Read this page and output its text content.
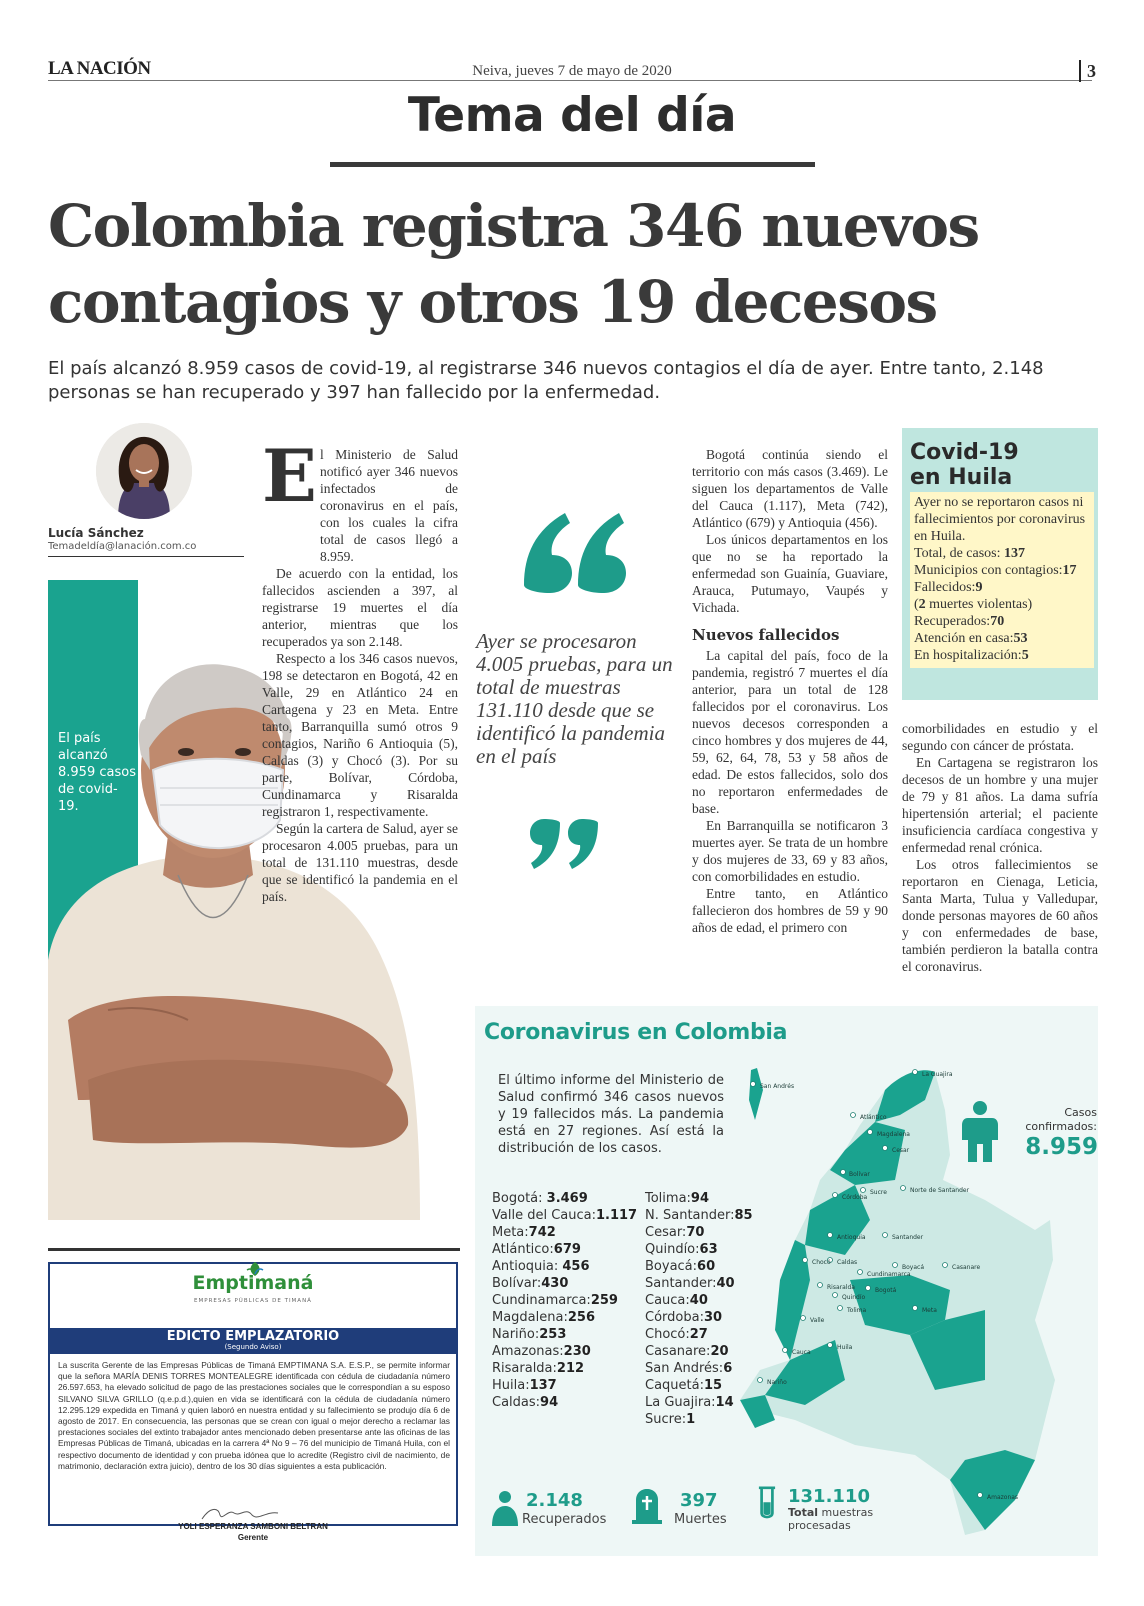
LA NACIÓN	Neiva, jueves 7 de mayo de 2020	3
Tema del día
Colombia registra 346 nuevos contagios y otros 19 decesos
El país alcanzó 8.959 casos de covid-19, al registrarse 346 nuevos contagios el día de ayer. Entre tanto, 2.148 personas se han recuperado y 397 han fallecido por la enfermedad.
Lucía Sánchez
Temadeldía@lanación.com.co
El país alcanzó 8.959 casos de covid-19.
E l Ministerio de Salud notificó ayer 346 nuevos infectados de coronavirus en el país, con los cuales la cifra total de casos llegó a 8.959.

De acuerdo con la entidad, los fallecidos ascienden a 397, al registrarse 19 muertes el día anterior, mientras que los recuperados ya son 2.148.

Respecto a los 346 casos nuevos, 198 se detectaron en Bogotá, 42 en Valle, 29 en Atlántico 24 en Cartagena y 23 en Meta. Entre tanto, Barranquilla sumó otros 9 contagios, Nariño 6 Antioquia (5), Caldas (3) y Chocó (3). Por su parte, Bolívar, Córdoba, Cundinamarca y Risaralda registraron 1, respectivamente.

Según la cartera de Salud, ayer se procesaron 4.005 pruebas, para un total de 131.110 muestras, desde que se identificó la pandemia en el país.

Ayer se procesaron 4.005 pruebas, para un total de muestras 131.110 desde que se identificó la pandemia en el país

Bogotá continúa siendo el territorio con más casos (3.469). Le siguen los departamentos de Valle del Cauca (1.117), Meta (742), Atlántico (679) y Antioquia (456).

Los únicos departamentos en los que no se ha reportado la enfermedad son Guainía, Guaviare, Arauca, Putumayo, Vaupés y Vichada.

Nuevos fallecidos

La capital del país, foco de la pandemia, registró 7 muertes el día anterior, para un total de 128 fallecidos por el coronavirus. Los nuevos decesos corresponden a cinco hombres y dos mujeres de 44, 59, 62, 64, 78, 53 y 58 años de edad. De estos fallecidos, solo dos no reportaron enfermedades de base.

En Barranquilla se notificaron 3 muertes ayer. Se trata de un hombre y dos mujeres de 33, 69 y 83 años, con comorbilidades en estudio.

Entre tanto, en Atlántico fallecieron dos hombres de 59 y 90 años de edad, el primero con

Covid-19
en Huila
Ayer no se reportaron casos ni fallecimientos por coronavirus en Huila.
Total, de casos: 137
Municipios con contagios:17
Fallecidos:9
(2 muertes violentas)
Recuperados:70
Atención en casa:53
En hospitalización:5

comorbilidades en estudio y el segundo con cáncer de próstata.

En Cartagena se registraron los decesos de un hombre y una mujer de 79 y 81 años. La dama sufría hipertensión arterial; el paciente insuficiencia cardíaca congestiva y enfermedad renal crónica.

Los otros fallecimientos se reportaron en Cienaga, Leticia, Santa Marta, Tulua y Valledupar, donde personas mayores de 60 años y con enfermedades de base, también perdieron la batalla contra el coronavirus.

Coronavirus en Colombia
El último informe del Ministerio de Salud confirmó 346 casos nuevos y 19 fallecidos más. La pandemia está en 27 regiones. Así está la distribución de los casos.
La Guajira
Atlántico
Magdalena
Cesar
San Andrés
Bolívar
Sucre	Norte de Santander
Córdoba
Antioquia	Santander
Boyacá	Casanare
Chocó Caldas
Cundinamarca
Risaralda
Quindío
Bogotá
Tolima
Valle
Meta
Huila
Cauca
Nariño
Amazonas
Casos confirmados:
8.959
Bogotá: 3.469
Valle del Cauca:1.117
Meta:742
Atlántico:679
Antioquia: 456
Bolívar:430
Cundinamarca:259
Magdalena:256
Nariño:253
Amazonas:230
Risaralda:212
Huila:137
Caldas:94
Tolima:94
N. Santander:85
Cesar:70
Quindío:63
Boyacá:60
Santander:40
Cauca:40
Córdoba:30
Chocó:27
Casanare:20
San Andrés:6
Caquetá:15
La Guajira:14
Sucre:1
2.148
Recuperados
397
Muertes
131.110
Total muestras procesadas
Emptimaná
EMPRESAS PÚBLICAS DE TIMANÁ
EDICTO EMPLAZATORIO
(Segundo Aviso)
La suscrita Gerente de las Empresas Públicas de Timaná EMPTIMANA S.A. E.S.P., se permite informar que la señora MARÍA DENIS TORRES MONTEALEGRE identificada con cédula de ciudadanía número 26.597.653, ha elevado solicitud de pago de las prestaciones sociales que le correspondían a su esposo SILVANO SILVA GRILLO (q.e.p.d.),quien en vida se identificará con la cédula de ciudadanía número 12.295.129 expedida en Timaná y quien laboró en nuestra entidad y su fallecimiento se produjo día 6 de agosto de 2017. En consecuencia, las personas que se crean con igual o mejor derecho a reclamar las prestaciones sociales del extinto trabajador antes mencionado deben presentarse ante las oficinas de las Empresas Públicas de Timaná, ubicadas en la carrera 4ª No 9 – 76 del municipio de Timaná Huila, con el respectivo documento de identidad y con prueba idónea que lo acredite (Registro civil de nacimiento, de matrimonio, declaración extra juicio), dentro de los 30 días siguientes a esta publicación.
YOLI ESPERANZA SAMBONI BELTRAN
Gerente
